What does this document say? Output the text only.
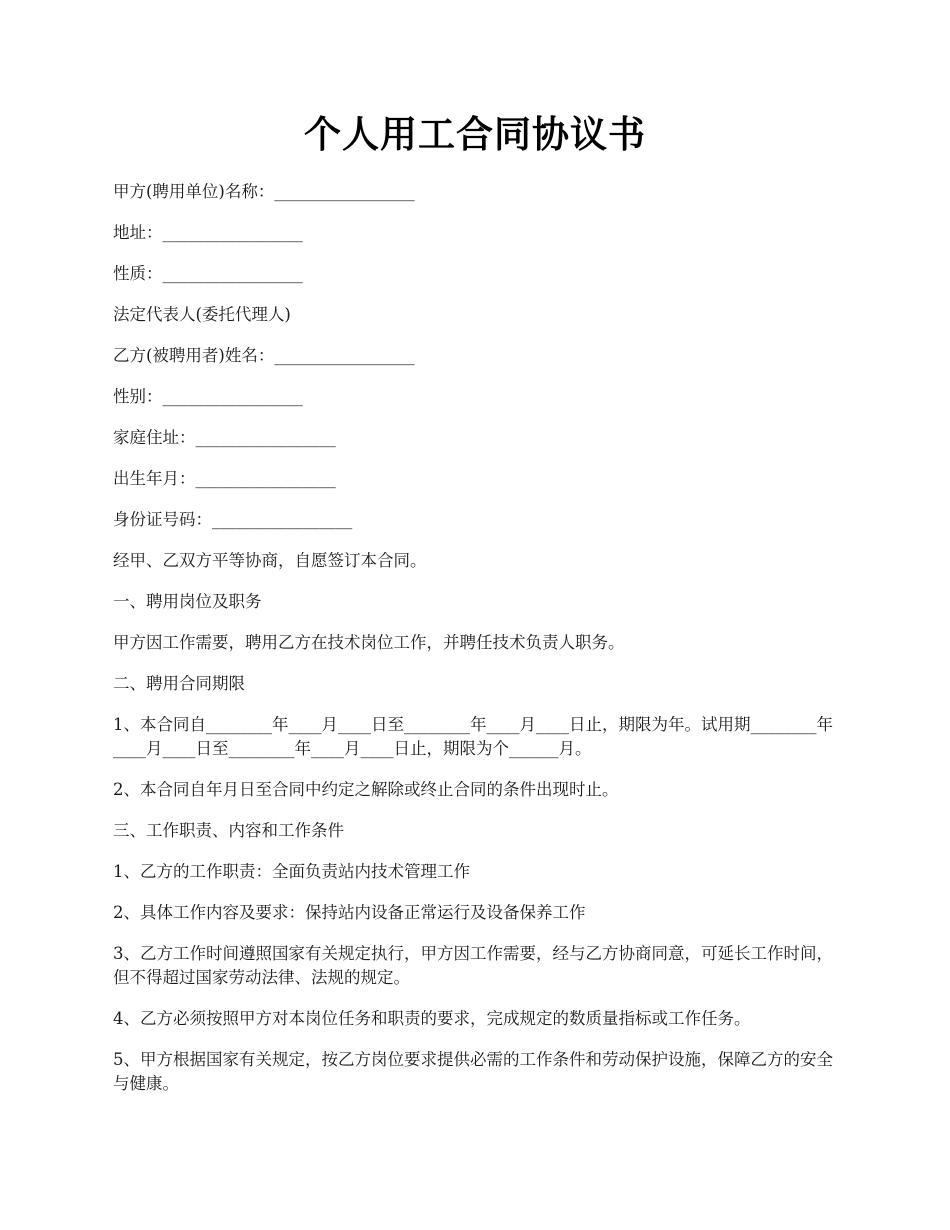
个人用工合同协议书

甲方(聘用单位)名称：_________________

地址：_________________

性质：_________________

法定代表人(委托代理人)

乙方(被聘用者)姓名：_________________

性别：_________________

家庭住址：_________________

出生年月：_________________

身份证号码：_________________

经甲、乙双方平等协商，自愿签订本合同。

一、聘用岗位及职务

甲方因工作需要，聘用乙方在技术岗位工作，并聘任技术负责人职务。

二、聘用合同期限

1、本合同自________年____月____日至________年____月____日止，期限为年。试用期________年____月____日至________年____月____日止，期限为个______月。

2、本合同自年月日至合同中约定之解除或终止合同的条件出现时止。

三、工作职责、内容和工作条件

1、乙方的工作职责：全面负责站内技术管理工作

2、具体工作内容及要求：保持站内设备正常运行及设备保养工作

3、乙方工作时间遵照国家有关规定执行，甲方因工作需要，经与乙方协商同意，可延长工作时间，但不得超过国家劳动法律、法规的规定。

4、乙方必须按照甲方对本岗位任务和职责的要求，完成规定的数质量指标或工作任务。

5、甲方根据国家有关规定，按乙方岗位要求提供必需的工作条件和劳动保护设施，保障乙方的安全与健康。
